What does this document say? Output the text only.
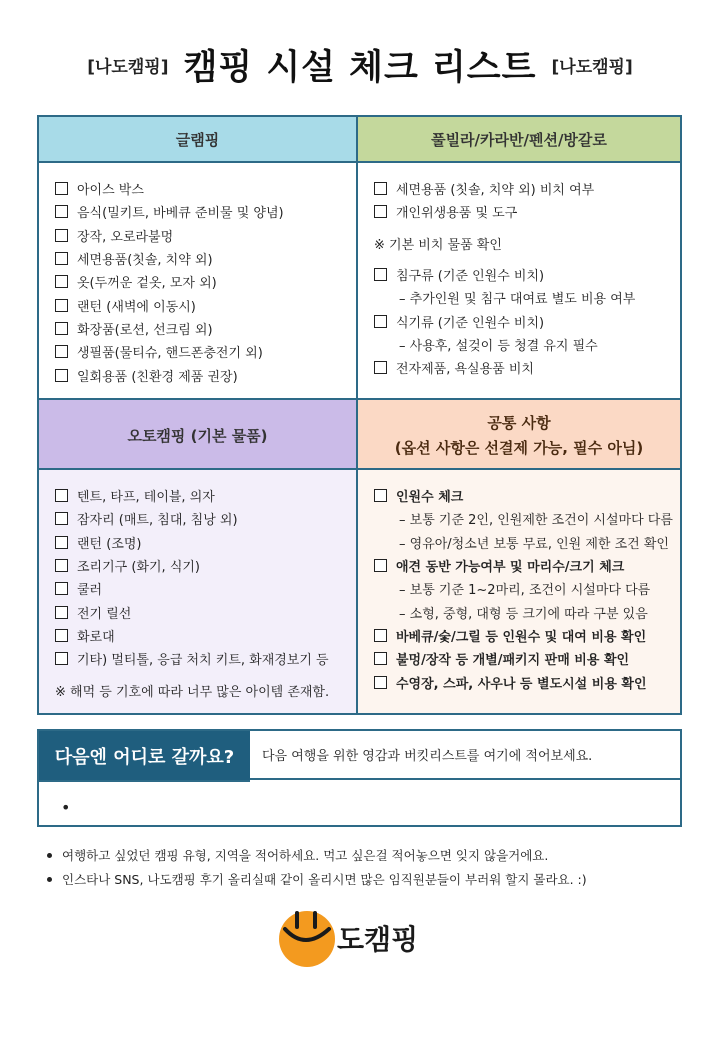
[나도캠핑] 캠핑 시설 체크 리스트 [나도캠핑]
글램핑
아이스 박스
음식(밀키트, 바베큐 준비물 및 양념)
장작, 오로라불멍
세면용품(칫솔, 치약 외)
옷(두꺼운 겉옷, 모자 외)
랜턴 (새벽에 이동시)
화장품(로션, 선크림 외)
생필품(물티슈, 핸드폰충전기 외)
일회용품 (친환경 제품 권장)
풀빌라/카라반/펜션/방갈로
세면용품 (칫솔, 치약 외) 비치 여부
개인위생용품 및 도구
※ 기본 비치 물품 확인
침구류 (기준 인원수 비치)
– 추가인원 및 침구 대여료 별도 비용 여부
식기류 (기준 인원수 비치)
– 사용후, 설겆이 등 청결 유지 필수
전자제품, 욕실용품 비치
오토캠핑 (기본 물품)
텐트, 타프, 테이블, 의자
잠자리 (매트, 침대, 침낭 외)
랜턴 (조명)
조리기구 (화기, 식기)
쿨러
전기 릴선
화로대
기타) 멀티톨, 응급 처치 키트, 화재경보기 등
※ 해먹 등 기호에 따라 너무 많은 아이템 존재함.
공통 사항
(옵션 사항은 선결제 가능, 필수 아님)
인원수 체크
– 보통 기준 2인, 인원제한 조건이 시설마다 다름
– 영유아/청소년 보통 무료, 인원 제한 조건 확인
애견 동반 가능여부 및 마리수/크기 체크
– 보통 기준 1~2마리, 조건이 시설마다 다름
– 소형, 중형, 대형 등 크기에 따라 구분 있음
바베큐/숯/그릴 등 인원수 및 대여 비용 확인
불멍/장작 등 개별/패키지 판매 비용 확인
수영장, 스파, 사우나 등 별도시설 비용 확인
다음엔 어디로 갈까요?	다음 여행을 위한 영감과 버킷리스트를 여기에 적어보세요.
•
여행하고 싶었던 캠핑 유형, 지역을 적어하세요. 먹고 싶은걸 적어놓으면 잊지 않을거에요.
인스타나 SNS, 나도캠핑 후기 올리실때 같이 올리시면 많은 임직원분들이 부러워 할지 몰라요. :)
도캠핑
